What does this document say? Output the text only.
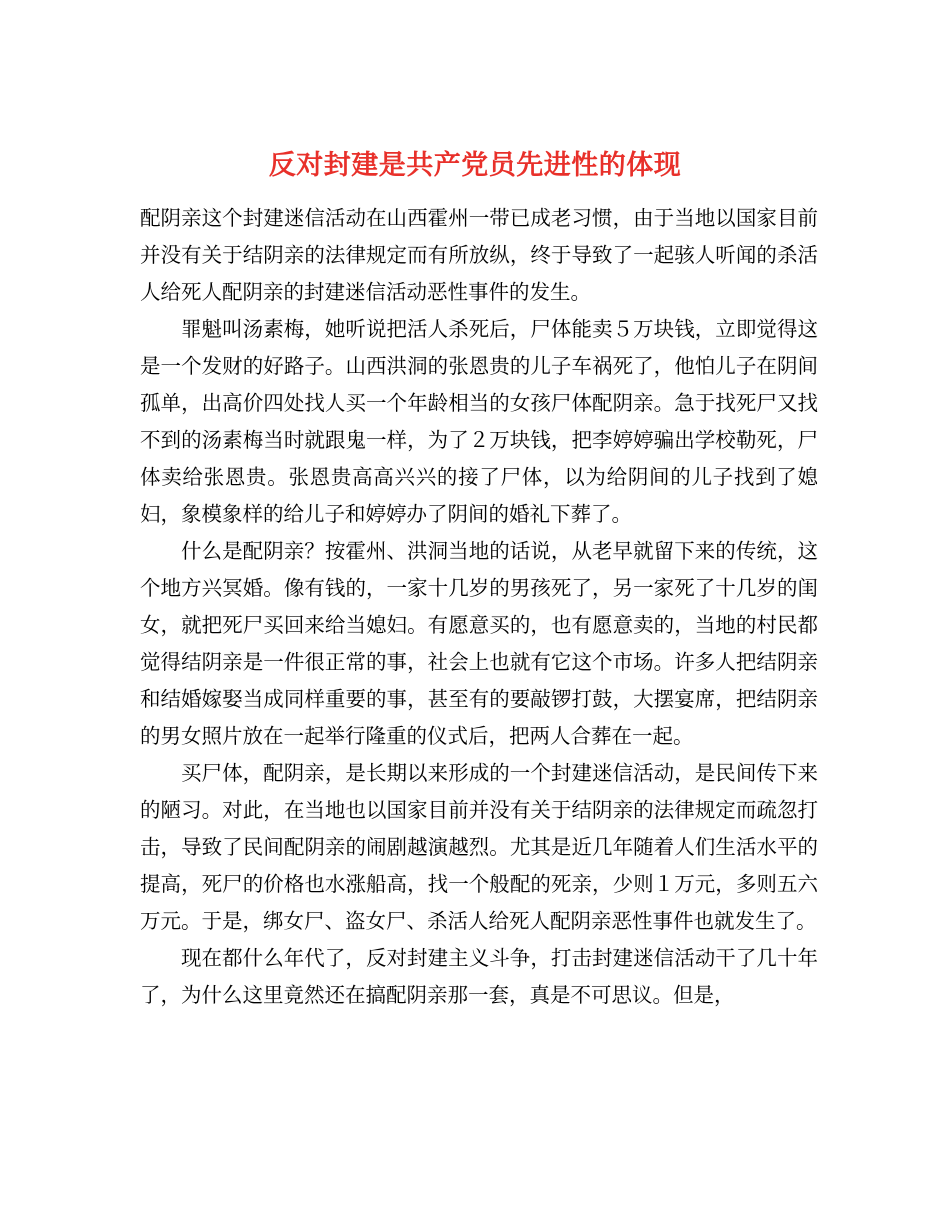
反对封建是共产党员先进性的体现

配阴亲这个封建迷信活动在山西霍州一带已成老习惯，由于当地以国家目前并没有关于结阴亲的法律规定而有所放纵，终于导致了一起骇人听闻的杀活人给死人配阴亲的封建迷信活动恶性事件的发生。

罪魁叫汤素梅，她听说把活人杀死后，尸体能卖５万块钱，立即觉得这是一个发财的好路子。山西洪洞的张恩贵的儿子车祸死了，他怕儿子在阴间孤单，出高价四处找人买一个年龄相当的女孩尸体配阴亲。急于找死尸又找不到的汤素梅当时就跟鬼一样，为了２万块钱，把李婷婷骗出学校勒死，尸体卖给张恩贵。张恩贵高高兴兴的接了尸体，以为给阴间的儿子找到了媳妇，象模象样的给儿子和婷婷办了阴间的婚礼下葬了。

什么是配阴亲？按霍州、洪洞当地的话说，从老早就留下来的传统，这个地方兴冥婚。像有钱的，一家十几岁的男孩死了，另一家死了十几岁的闺女，就把死尸买回来给当媳妇。有愿意买的，也有愿意卖的，当地的村民都觉得结阴亲是一件很正常的事，社会上也就有它这个市场。许多人把结阴亲和结婚嫁娶当成同样重要的事，甚至有的要敲锣打鼓，大摆宴席，把结阴亲的男女照片放在一起举行隆重的仪式后，把两人合葬在一起。

买尸体，配阴亲，是长期以来形成的一个封建迷信活动，是民间传下来的陋习。对此，在当地也以国家目前并没有关于结阴亲的法律规定而疏忽打击，导致了民间配阴亲的闹剧越演越烈。尤其是近几年随着人们生活水平的提高，死尸的价格也水涨船高，找一个般配的死亲，少则１万元，多则五六万元。于是，绑女尸、盗女尸、杀活人给死人配阴亲恶性事件也就发生了。

现在都什么年代了，反对封建主义斗争，打击封建迷信活动干了几十年了，为什么这里竟然还在搞配阴亲那一套，真是不可思议。但是，
